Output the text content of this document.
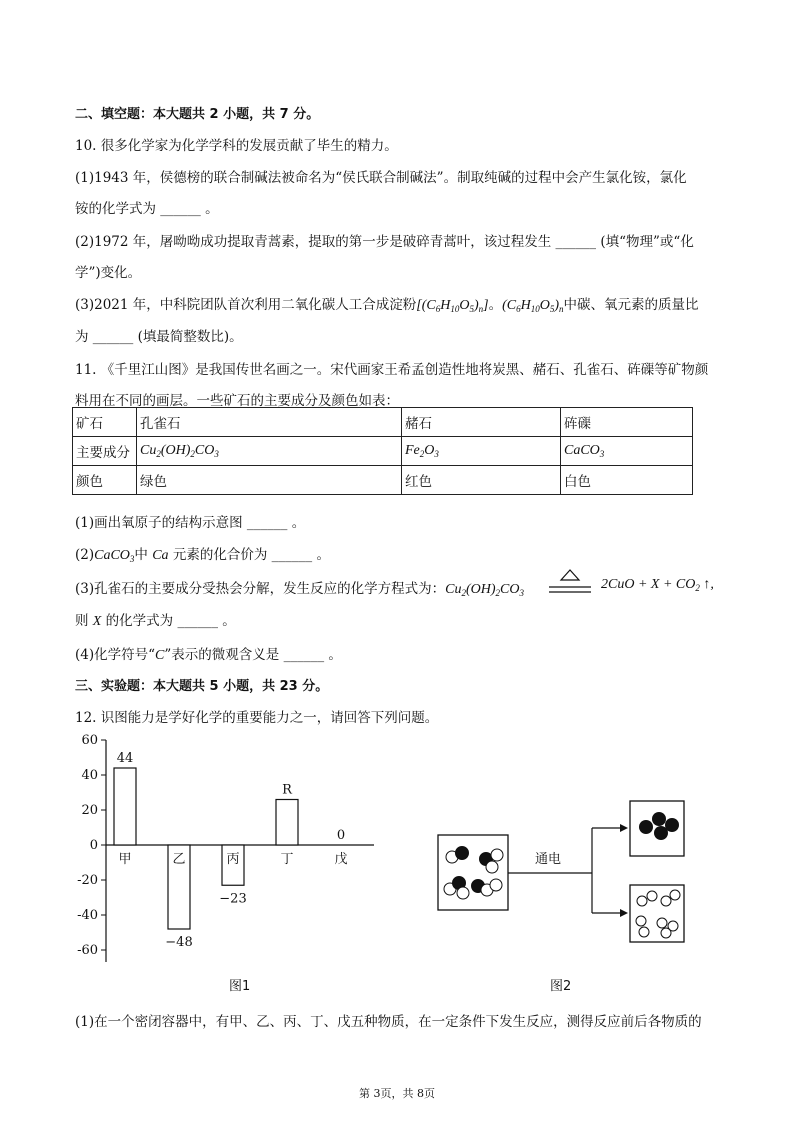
二、填空题：本大题共 2 小题，共 7 分。
10. 很多化学家为化学学科的发展贡献了毕生的精力。
(1)1943 年，侯德榜的联合制碱法被命名为“侯氏联合制碱法”。制取纯碱的过程中会产生氯化铵，氯化
铵的化学式为 ______ 。
(2)1972 年，屠呦呦成功提取青蒿素，提取的第一步是破碎青蒿叶，该过程发生 ______ (填“物理”或“化
学”)变化。
(3)2021 年，中科院团队首次利用二氧化碳人工合成淀粉$[(C_6H_{10}O_5)_n]$。$(C_6H_{10}O_5)_n$中碳、氧元素的质量比
为 ______ (填最简整数比)。
11. 《千里江山图》是我国传世名画之一。宋代画家王希孟创造性地将炭黑、赭石、孔雀石、砗磲等矿物颜
料用在不同的画层。一些矿石的主要成分及颜色如表：
矿石	孔雀石	赭石	砗磲
主要成分	$Cu_2(OH)_2CO_3$	$Fe_2O_3$	CaCO$_3$
颜色	绿色	红色	白色
(1)画出氧原子的结构示意图 ______ 。
(2)CaCO$_3$中 Ca 元素的化合价为 ______ 。
(3)孔雀石的主要成分受热会分解，发生反应的化学方程式为：$Cu_2(OH)_2CO_3$
$2CuO + X + CO_2$ ↑,
则 X 的化学式为 ______ 。
(4)化学符号“C”表示的微观含义是 ______ 。
三、实验题：本大题共 5 小题，共 23 分。
12. 识图能力是学好化学的重要能力之一，请回答下列问题。
60
40
20
0
-20
-40
-60
甲
44
乙
−48
丙
−23
丁
R
戊
0
图1
通电
图2
(1)在一个密闭容器中，有甲、乙、丙、丁、戊五种物质，在一定条件下发生反应，测得反应前后各物质的
第 3页，共 8页
